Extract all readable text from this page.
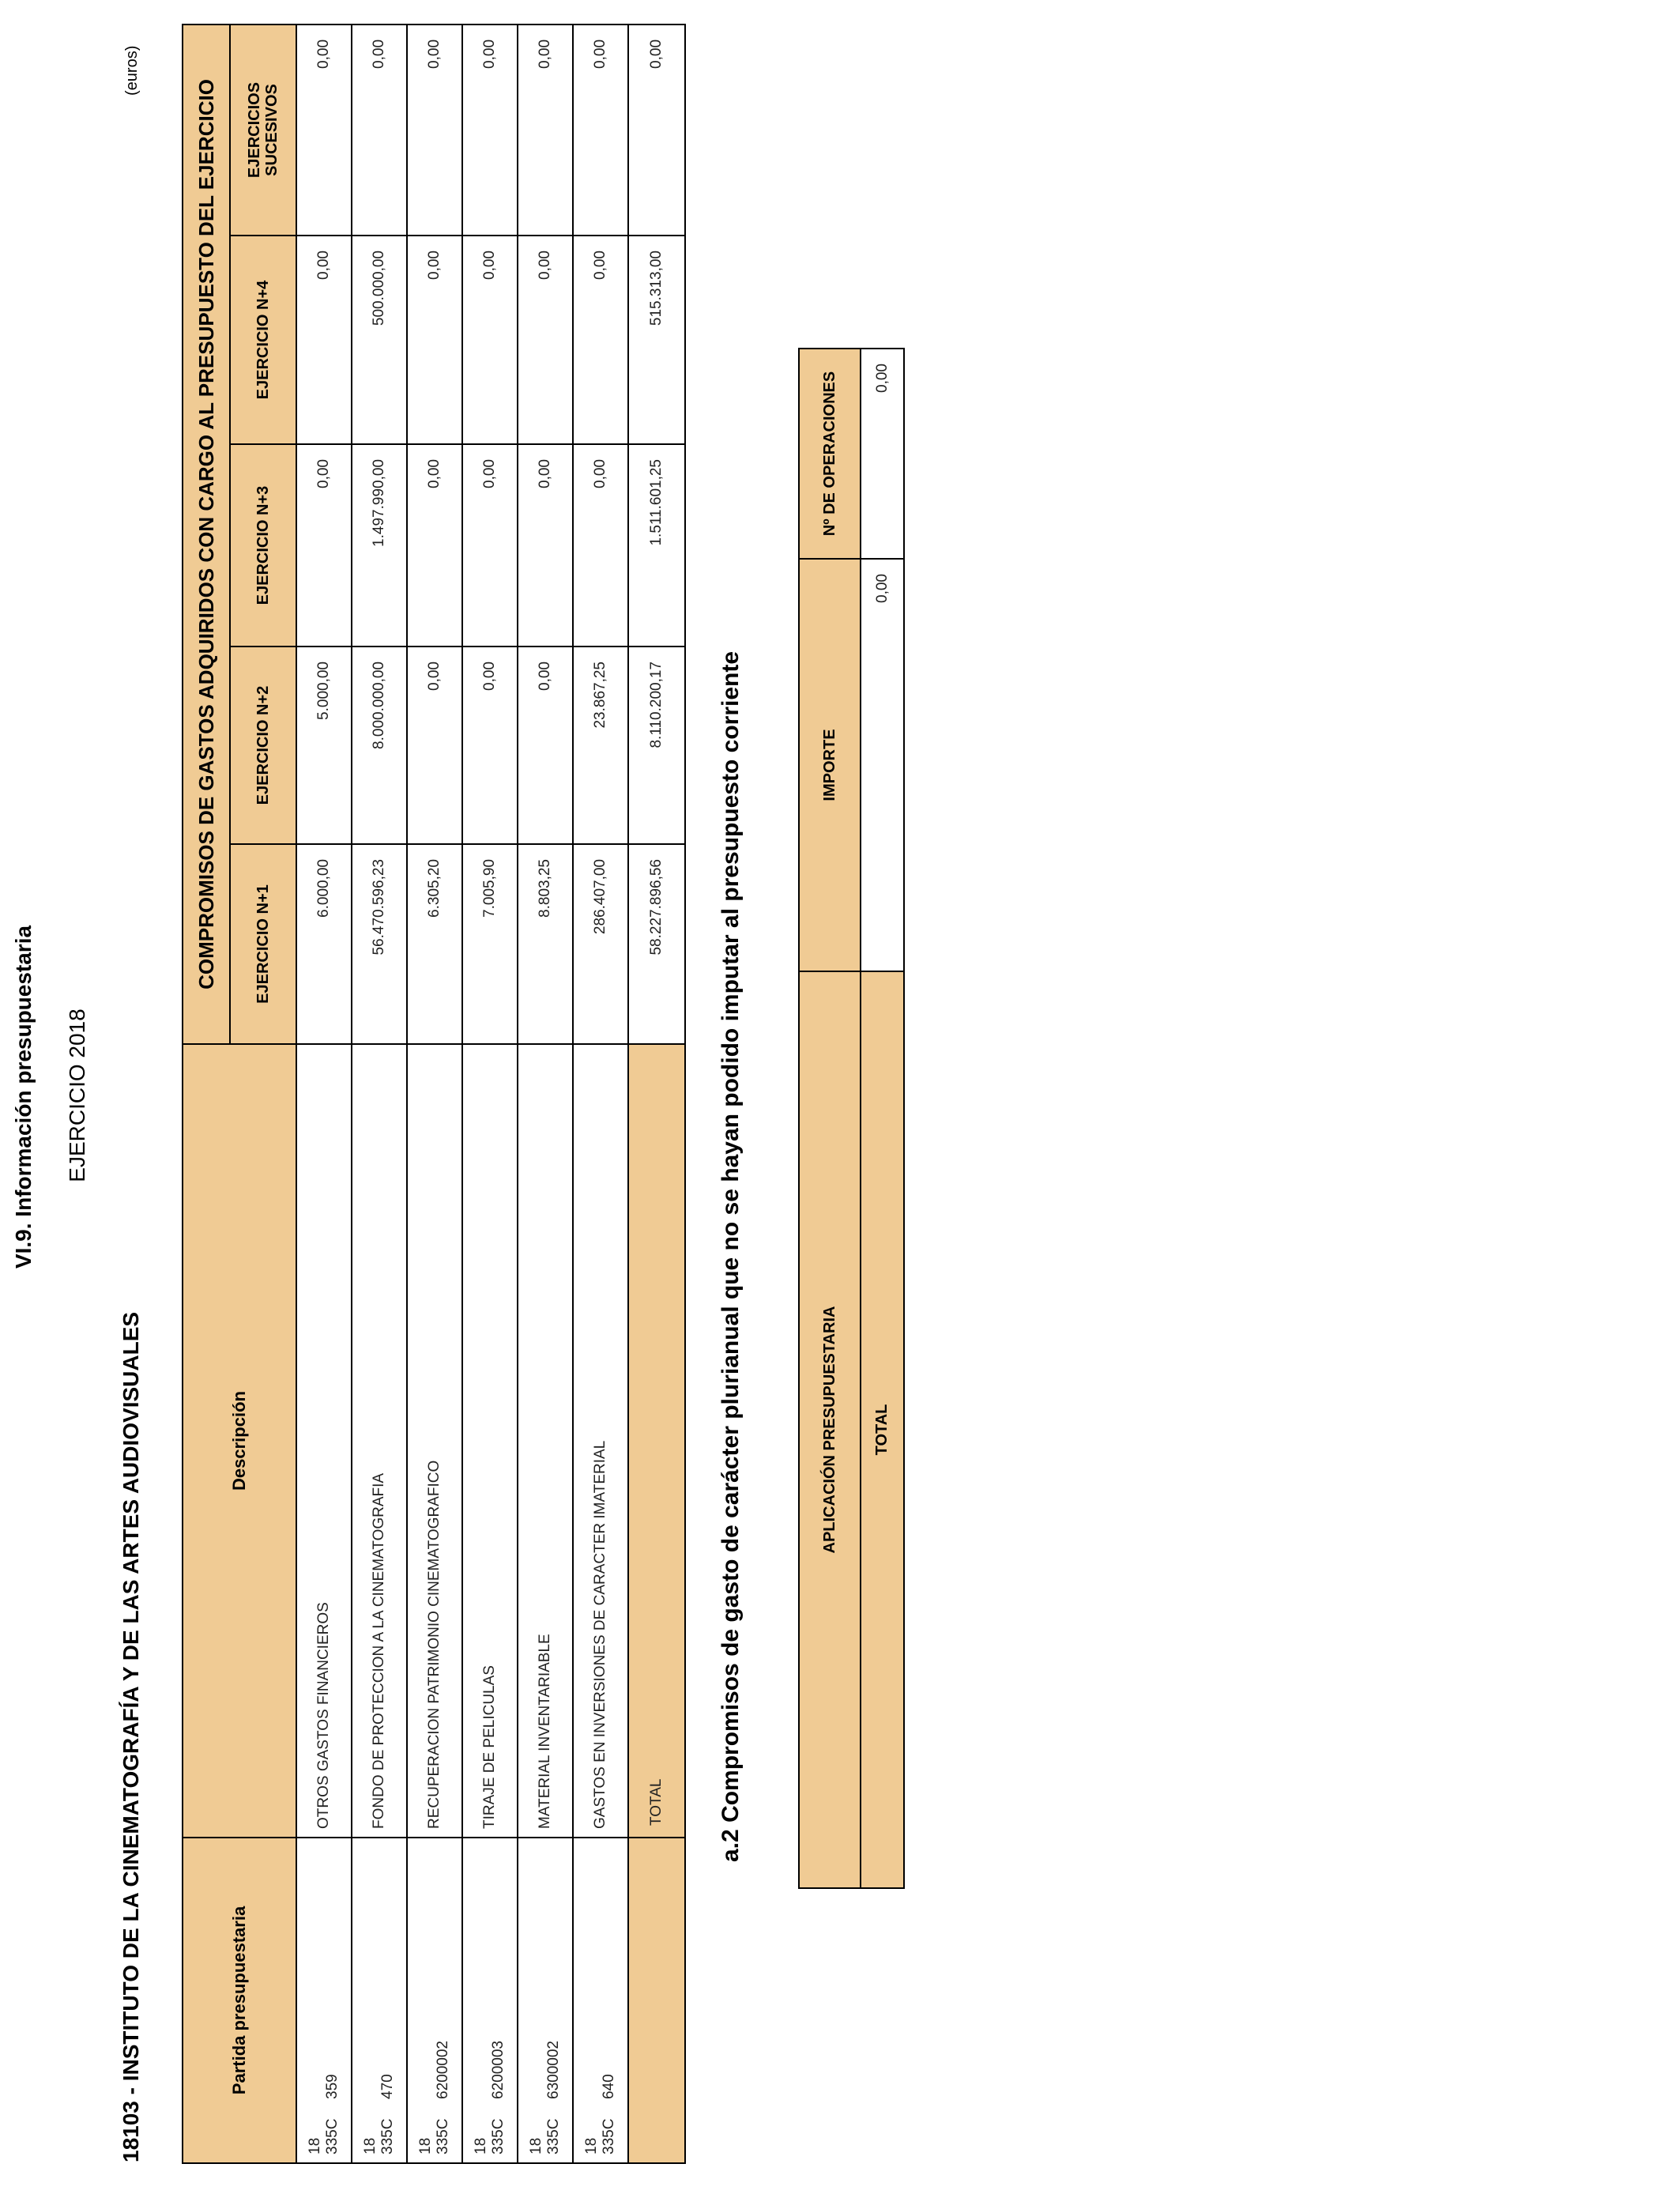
VI.9. Información presupuestaria EJERCICIO 2018
18103 - INSTITUTO DE LA CINEMATOGRAFÍA Y DE LAS ARTES AUDIOVISUALES
(euros)
Partida presupuestaria	Descripción	COMPROMISOS DE GASTOS ADQUIRIDOS CON CARGO AL PRESUPUESTO DEL EJERCICIO				
		EJERCICIO N+1	EJERCICIO N+2	EJERCICIO N+3	EJERCICIO N+4	EJERCICIOS
SUCESIVOS
18 335C359	OTROS GASTOS FINANCIEROS	6.000,00	5.000,00	0,00	0,00	0,00
18 335C470	FONDO DE PROTECCION A LA CINEMATOGRAFIA	56.470.596,23	8.000.000,00	1.497.990,00	500.000,00	0,00
18 335C6200002	RECUPERACION PATRIMONIO CINEMATOGRAFICO	6.305,20	0,00	0,00	0,00	0,00
18 335C6200003	TIRAJE DE PELICULAS	7.005,90	0,00	0,00	0,00	0,00
18 335C6300002	MATERIAL INVENTARIABLE	8.803,25	0,00	0,00	0,00	0,00
18 335C640	GASTOS EN INVERSIONES DE CARACTER IMATERIAL	286.407,00	23.867,25	0,00	0,00	0,00
	TOTAL	58.227.896,56	8.110.200,17	1.511.601,25	515.313,00	0,00
a.2 Compromisos de gasto de carácter plurianual que no se hayan podido imputar al presupuesto corriente	APLICACIÓN PRESUPUESTARIA	IMPORTE	Nº DE OPERACIONES
TOTAL	0,00	0,00
